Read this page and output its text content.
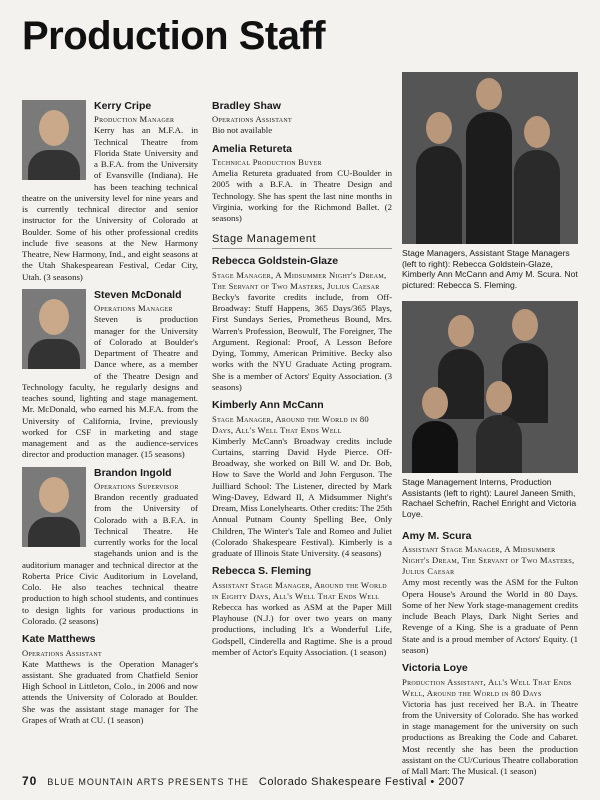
Production Staff

Kerry Cripe

Production Manager

Kerry has an M.F.A. in Technical Theatre from Florida State University and a B.F.A. from the University of Evansville (Indiana). He has been teaching technical theatre on the university level for nine years and is currently technical director and senior instructor for the University of Colorado at Boulder. Some of his other professional credits include five seasons at the New Harmony Theatre, New Harmony, Ind., and eight seasons at the Utah Shakespearean Festival, Cedar City, Utah. (3 seasons)

Steven McDonald

Operations Manager

Steven is production manager for the University of Colorado at Boulder's Department of Theatre and Dance where, as a member of the Theatre Design and Technology faculty, he regularly designs and teaches sound, lighting and stage management. Mr. McDonald, who earned his M.F.A. from the University of California, Irvine, previously worked for CSF in marketing and stage management and as the audience-services director and production manager. (15 seasons)

Brandon Ingold

Operations Supervisor

Brandon recently graduated from the University of Colorado with a B.F.A. in Technical Theatre. He currently works for the local stagehands union and is the auditorium manager and technical director at the Roberta Price Civic Auditorium in Loveland, Colo. He also teaches technical theatre production to high school students, and continues to design lights for various productions in Colorado. (2 seasons)

Kate Matthews

Operations Assistant

Kate Matthews is the Operation Manager's assistant. She graduated from Chatfield Senior High School in Littleton, Colo., in 2006 and now attends the University of Colorado at Boulder. She was the assistant stage manager for The Grapes of Wrath at CU. (1 season)

Bradley Shaw

Operations Assistant

Bio not available

Amelia Retureta

Technical Production Buyer

Amelia Retureta graduated from CU-Boulder in 2005 with a B.F.A. in Theatre Design and Technology. She has spent the last nine months in Virginia, working for the Richmond Ballet. (2 seasons)

Stage Management

Rebecca Goldstein-Glaze

Stage Manager, A Midsummer Night's Dream, The Servant of Two Masters, Julius Caesar

Becky's favorite credits include, from Off-Broadway: Stuff Happens, 365 Days/365 Plays, First Sundays Series, Prometheus Bound, Mrs. Warren's Profession, Beowulf, The Foreigner, The Argument. Regional: Proof, A Lesson Before Dying, Tommy, American Primitive. Becky also works with the NYU Graduate Acting program. She is a member of Actors' Equity Association. (3 seasons)

Kimberly Ann McCann

Stage Manager, Around the World in 80 Days, All's Well That Ends Well

Kimberly McCann's Broadway credits include Curtains, starring David Hyde Pierce. Off-Broadway, she worked on Bill W. and Dr. Bob, How to Save the World and John Ferguson. The Juilliard School: The Listener, directed by Mark Wing-Davey, Edward II, A Midsummer Night's Dream, Miss Lonelyhearts. Other credits: The 25th Annual Putnam County Spelling Bee, Only Children, The Winter's Tale and Romeo and Juliet (Colorado Shakespeare Festival). Kimberly is a graduate of Illinois State University. (4 seasons)

Rebecca S. Fleming

Assistant Stage Manager, Around the World in Eighty Days, All's Well That Ends Well

Rebecca has worked as ASM at the Paper Mill Playhouse (N.J.) for over two years on many productions, including It's a Wonderful Life, Godspell, Cinderella and Ragtime. She is a proud member of Actor's Equity Association. (1 season)

Stage Managers, Assistant Stage Managers (left to right): Rebecca Goldstein-Glaze, Kimberly Ann McCann and Amy M. Scura. Not pictured: Rebecca S. Fleming.

Stage Management Interns, Production Assistants (left to right): Laurel Janeen Smith, Rachael Schefrin, Rachel Enright and Victoria Loye.

Amy M. Scura

Assistant Stage Manager, A Midsummer Night's Dream, The Servant of Two Masters, Julius Caesar

Amy most recently was the ASM for the Fulton Opera House's Around the World in 80 Days. Some of her New York stage-management credits include Beach Plays, Dark Night Series and Revenge of a King. She is a graduate of Penn State and is a proud member of Actors' Equity. (1 season)

Victoria Loye

Production Assistant, All's Well That Ends Well, Around the World in 80 Days

Victoria has just received her B.A. in Theatre from the University of Colorado. She has worked in stage management for the university on such productions as Breaking the Code and Cabaret. Most recently she has been the production assistant on the CU/Curious Theatre collaboration of Mall Mart: The Musical. (1 season)

70 BLUE MOUNTAIN ARTS PRESENTS THE Colorado Shakespeare Festival • 2007
